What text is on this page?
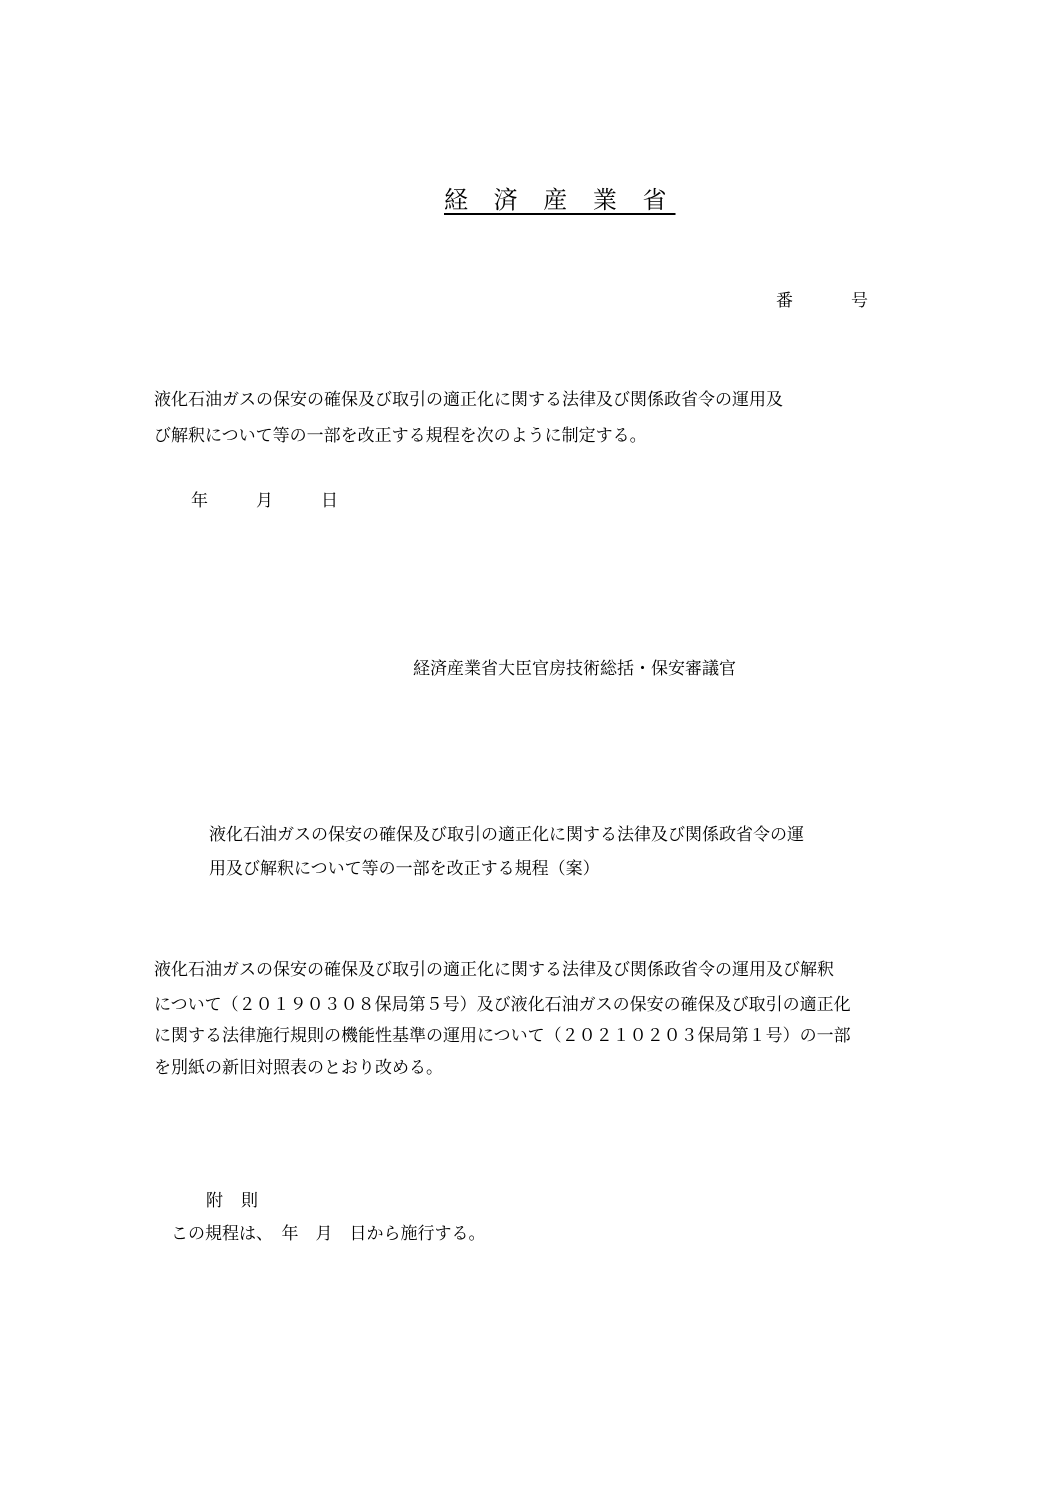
経 済 産 業 省
番号
液化石油ガスの保安の確保及び取引の適正化に関する法律及び関係政省令の運用及
び解釈について等の一部を改正する規程を次のように制定する。
年	月	日
経済産業省大臣官房技術総括・保安審議官
液化石油ガスの保安の確保及び取引の適正化に関する法律及び関係政省令の運
用及び解釈について等の一部を改正する規程（案）
液化石油ガスの保安の確保及び取引の適正化に関する法律及び関係政省令の運用及び解釈
について（２０１９０３０８保局第５号）及び液化石油ガスの保安の確保及び取引の適正化
に関する法律施行規則の機能性基準の運用について（２０２１０２０３保局第１号）の一部
を別紙の新旧対照表のとおり改める。
附則
この規程は、　年　月　日から施行する。
